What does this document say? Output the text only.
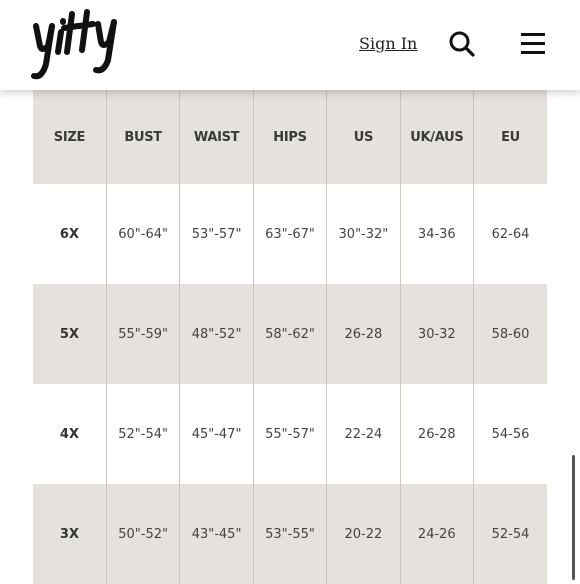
Sign In
SIZE	BUST	WAIST	HIPS	US	UK/AUS	EU
6X	60"-64"	53"-57"	63"-67"	30"-32"	34-36	62-64
5X	55"-59"	48"-52"	58"-62"	26-28	30-32	58-60
4X	52"-54"	45"-47"	55"-57"	22-24	26-28	54-56
3X	50"-52"	43"-45"	53"-55"	20-22	24-26	52-54
